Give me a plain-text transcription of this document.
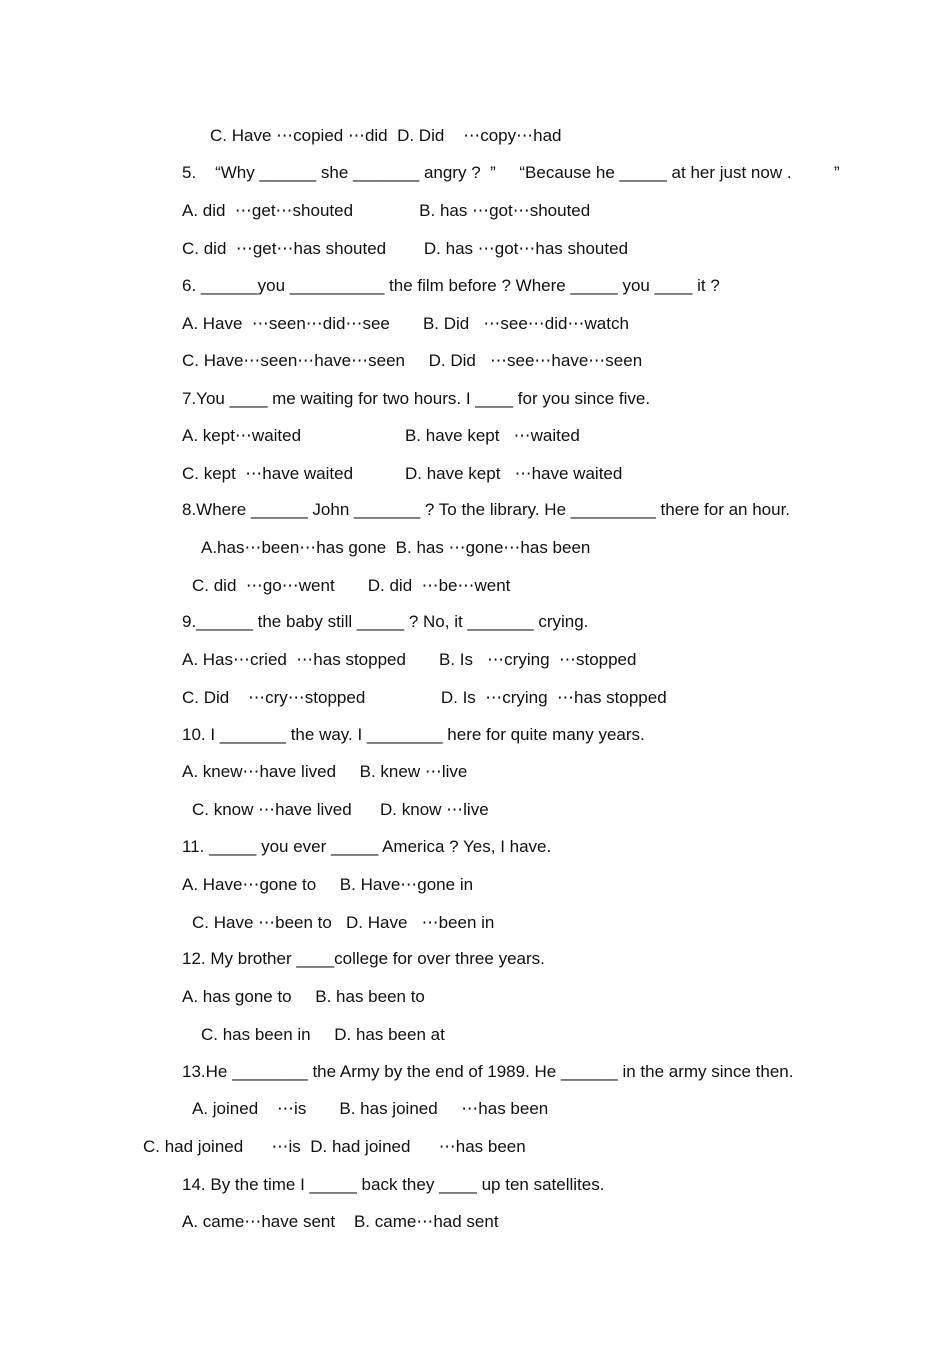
C. Have ⋯copied ⋯did  D. Did    ⋯copy⋯had
5.    “Why ______ she _______ angry ?  ”     “Because he _____ at her just now .         ”
A. did  ⋯get⋯shouted              B. has ⋯got⋯shouted
C. did  ⋯get⋯has shouted        D. has ⋯got⋯has shouted
6. ______you __________ the film before ? Where _____ you ____ it ?
A. Have  ⋯seen⋯did⋯see       B. Did   ⋯see⋯did⋯watch
C. Have⋯seen⋯have⋯seen     D. Did   ⋯see⋯have⋯seen
7.You ____ me waiting for two hours. I ____ for you since five.
A. kept⋯waited                      B. have kept   ⋯waited
C. kept  ⋯have waited           D. have kept   ⋯have waited
8.Where ______ John _______ ? To the library. He _________ there for an hour.
A.has⋯been⋯has gone  B. has ⋯gone⋯has been
C. did  ⋯go⋯went       D. did  ⋯be⋯went
9.______ the baby still _____ ? No, it _______ crying.
A. Has⋯cried  ⋯has stopped       B. Is   ⋯crying  ⋯stopped
C. Did    ⋯cry⋯stopped                D. Is  ⋯crying  ⋯has stopped
10. I _______ the way. I ________ here for quite many years.
A. knew⋯have lived     B. knew ⋯live
C. know ⋯have lived      D. know ⋯live
11. _____ you ever _____ America ? Yes, I have.
A. Have⋯gone to     B. Have⋯gone in
C. Have ⋯been to   D. Have   ⋯been in
12. My brother ____college for over three years.
A. has gone to     B. has been to
C. has been in     D. has been at
13.He ________ the Army by the end of 1989. He ______ in the army since then.
A. joined    ⋯is       B. has joined     ⋯has been
C. had joined      ⋯is  D. had joined      ⋯has been
14. By the time I _____ back they ____ up ten satellites.
A. came⋯have sent    B. came⋯had sent
